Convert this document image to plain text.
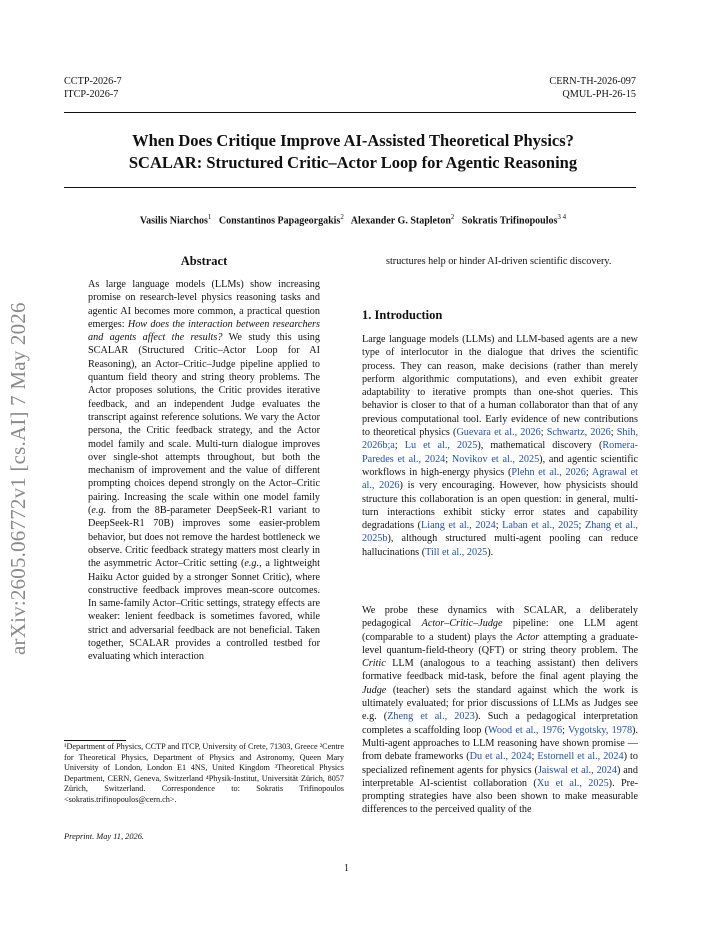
CCTP-2026-7
ITCP-2026-7
CERN-TH-2026-097
QMUL-PH-26-15
When Does Critique Improve AI-Assisted Theoretical Physics?
SCALAR: Structured Critic–Actor Loop for Agentic Reasoning
Vasilis Niarchos$^1$ Constantinos Papageorgakis$^2$ Alexander G. Stapleton$^2$ Sokratis Trifinopoulos$^{3 4}$
arXiv:2605.06772v1 [cs.AI] 7 May 2026
Abstract

As large language models (LLMs) show increasing promise on research-level physics reasoning tasks and agentic AI becomes more common, a practical question emerges: How does the interaction between researchers and agents affect the results? We study this using SCALAR (Structured Critic–Actor Loop for AI Reasoning), an Actor–Critic–Judge pipeline applied to quantum field theory and string theory problems. The Actor proposes solutions, the Critic provides iterative feedback, and an independent Judge evaluates the transcript against reference solutions. We vary the Actor persona, the Critic feedback strategy, and the Actor model family and scale. Multi-turn dialogue improves over single-shot attempts throughout, but both the mechanism of improvement and the value of different prompting choices depend strongly on the Actor–Critic pairing. Increasing the scale within one model family (e.g. from the 8B-parameter DeepSeek-R1 variant to DeepSeek-R1 70B) improves some easier-problem behavior, but does not remove the hardest bottleneck we observe. Critic feedback strategy matters most clearly in the asymmetric Actor–Critic setting (e.g., a lightweight Haiku Actor guided by a stronger Sonnet Critic), where constructive feedback improves mean-score outcomes. In same-family Actor–Critic settings, strategy effects are weaker: lenient feedback is sometimes favored, while strict and adversarial feedback are not beneficial. Taken together, SCALAR provides a controlled testbed for evaluating which interaction

¹Department of Physics, CCTP and ITCP, University of Crete, 71303, Greece ²Centre for Theoretical Physics, Department of Physics and Astronomy, Queen Mary University of London, London E1 4NS, United Kingdom ³Theoretical Physics Department, CERN, Geneva, Switzerland ⁴Physik-Institut, Universität Zürich, 8057 Zürich, Switzerland. Correspondence to: Sokratis Trifinopoulos <sokratis.trifinopoulos@cern.ch>.
Preprint. May 11, 2026.
structures help or hinder AI-driven scientific discovery.
1. Introduction

Large language models (LLMs) and LLM-based agents are a new type of interlocutor in the dialogue that drives the scientific process. They can reason, make decisions (rather than merely perform algorithmic computations), and even exhibit greater adaptability to iterative prompts than one-shot queries. This behavior is closer to that of a human collaborator than that of any previous computational tool. Early evidence of new contributions to theoretical physics (Guevara et al., 2026; Schwartz, 2026; Shih, 2026b;a; Lu et al., 2025), mathematical discovery (Romera-Paredes et al., 2024; Novikov et al., 2025), and agentic scientific workflows in high-energy physics (Plehn et al., 2026; Agrawal et al., 2026) is very encouraging. However, how physicists should structure this collaboration is an open question: in general, multi-turn interactions exhibit sticky error states and capability degradations (Liang et al., 2024; Laban et al., 2025; Zhang et al., 2025b), although structured multi-agent pooling can reduce hallucinations (Till et al., 2025).

We probe these dynamics with SCALAR, a deliberately pedagogical Actor–Critic–Judge pipeline: one LLM agent (comparable to a student) plays the Actor attempting a graduate-level quantum-field-theory (QFT) or string theory problem. The Critic LLM (analogous to a teaching assistant) then delivers formative feedback mid-task, before the final agent playing the Judge (teacher) sets the standard against which the work is ultimately evaluated; for prior discussions of LLMs as Judges see e.g. (Zheng et al., 2023). Such a pedagogical interpretation completes a scaffolding loop (Wood et al., 1976; Vygotsky, 1978). Multi-agent approaches to LLM reasoning have shown promise — from debate frameworks (Du et al., 2024; Estornell et al., 2024) to specialized refinement agents for physics (Jaiswal et al., 2024) and interpretable AI-scientist collaboration (Xu et al., 2025). Pre-prompting strategies have also been shown to make measurable differences to the perceived quality of the

1
